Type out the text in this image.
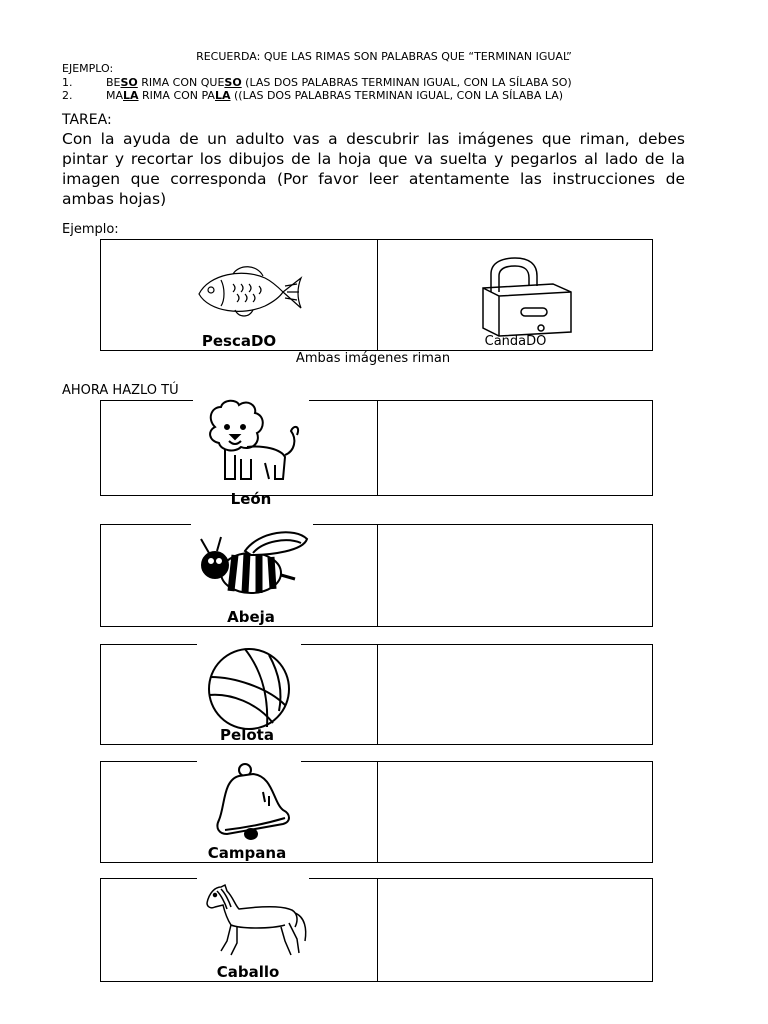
RECUERDA: QUE LAS RIMAS SON PALABRAS QUE “TERMINAN IGUAL”
EJEMPLO:
1.	BESO RIMA CON QUESO (LAS DOS PALABRAS TERMINAN IGUAL, CON LA SÍLABA SO)
2.	MALA RIMA CON PALA ((LAS DOS PALABRAS TERMINAN IGUAL, CON LA SÍLABA LA)
TAREA:
Con la ayuda de un adulto vas a descubrir las imágenes que riman, debes pintar y recortar los dibujos de la hoja que va suelta y pegarlos al lado de la imagen que corresponda (Por favor leer atentamente las instrucciones de ambas hojas)
Ejemplo:
PescaDO	CandaDO
Ambas imágenes riman
AHORA HAZLO TÚ
León
Abeja
Pelota
Campana
Caballo
